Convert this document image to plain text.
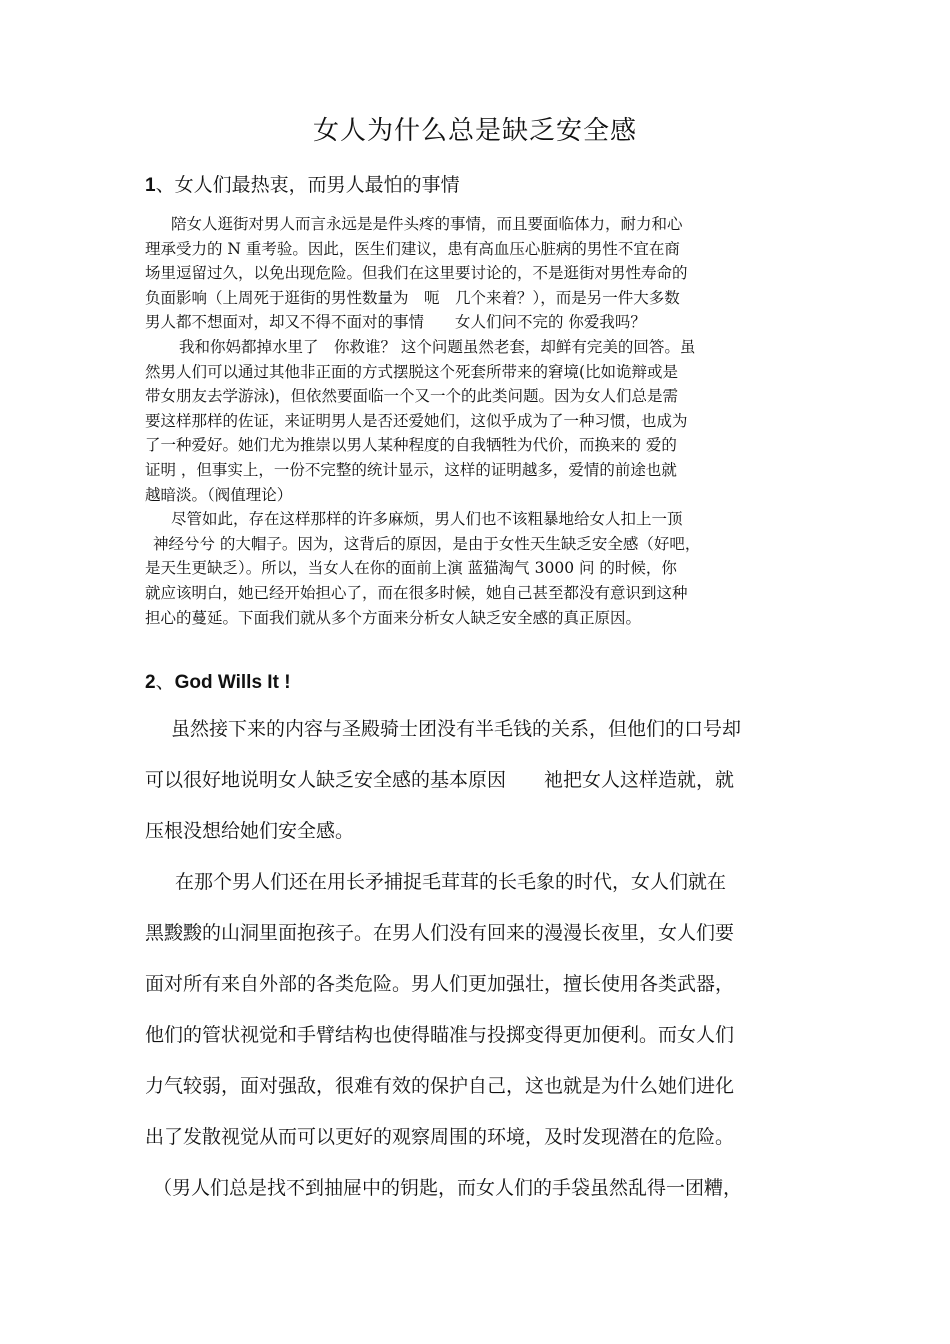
女人为什么总是缺乏安全感
1、女人们最热衷，而男人最怕的事情
陪女人逛街对男人而言永远是是件头疼的事情，而且要面临体力，耐力和心
理承受力的 N 重考验。因此，医生们建议，患有高血压心脏病的男性不宜在商
场里逗留过久，以免出现危险。但我们在这里要讨论的，不是逛街对男性寿命的
负面影响（上周死于逛街的男性数量为　呃　几个来着？），而是另一件大多数
男人都不想面对，却又不得不面对的事情　　女人们问不完的 你爱我吗？
我和你妈都掉水里了　你救谁？ 这个问题虽然老套，却鲜有完美的回答。虽
然男人们可以通过其他非正面的方式摆脱这个死套所带来的窘境(比如诡辩或是
带女朋友去学游泳)，但依然要面临一个又一个的此类问题。因为女人们总是需
要这样那样的佐证，来证明男人是否还爱她们，这似乎成为了一种习惯，也成为
了一种爱好。她们尤为推崇以男人某种程度的自我牺牲为代价，而换来的 爱的
证明 ，但事实上，一份不完整的统计显示，这样的证明越多，爱情的前途也就
越暗淡。（阀值理论）
尽管如此，存在这样那样的许多麻烦，男人们也不该粗暴地给女人扣上一顶
神经兮兮 的大帽子。因为，这背后的原因，是由于女性天生缺乏安全感（好吧，
是天生更缺乏）。所以，当女人在你的面前上演 蓝猫淘气 3000 问 的时候，你
就应该明白，她已经开始担心了，而在很多时候，她自己甚至都没有意识到这种
担心的蔓延。下面我们就从多个方面来分析女人缺乏安全感的真正原因。
2、God Wills It !
虽然接下来的内容与圣殿骑士团没有半毛钱的关系，但他们的口号却
可以很好地说明女人缺乏安全感的基本原因　　祂把女人这样造就，就
压根没想给她们安全感。
在那个男人们还在用长矛捕捉毛茸茸的长毛象的时代，女人们就在
黑黢黢的山洞里面抱孩子。在男人们没有回来的漫漫长夜里，女人们要
面对所有来自外部的各类危险。男人们更加强壮，擅长使用各类武器，
他们的管状视觉和手臂结构也使得瞄准与投掷变得更加便利。而女人们
力气较弱，面对强敌，很难有效的保护自己，这也就是为什么她们进化
出了发散视觉从而可以更好的观察周围的环境，及时发现潜在的危险。
（男人们总是找不到抽屉中的钥匙，而女人们的手袋虽然乱得一团糟，
